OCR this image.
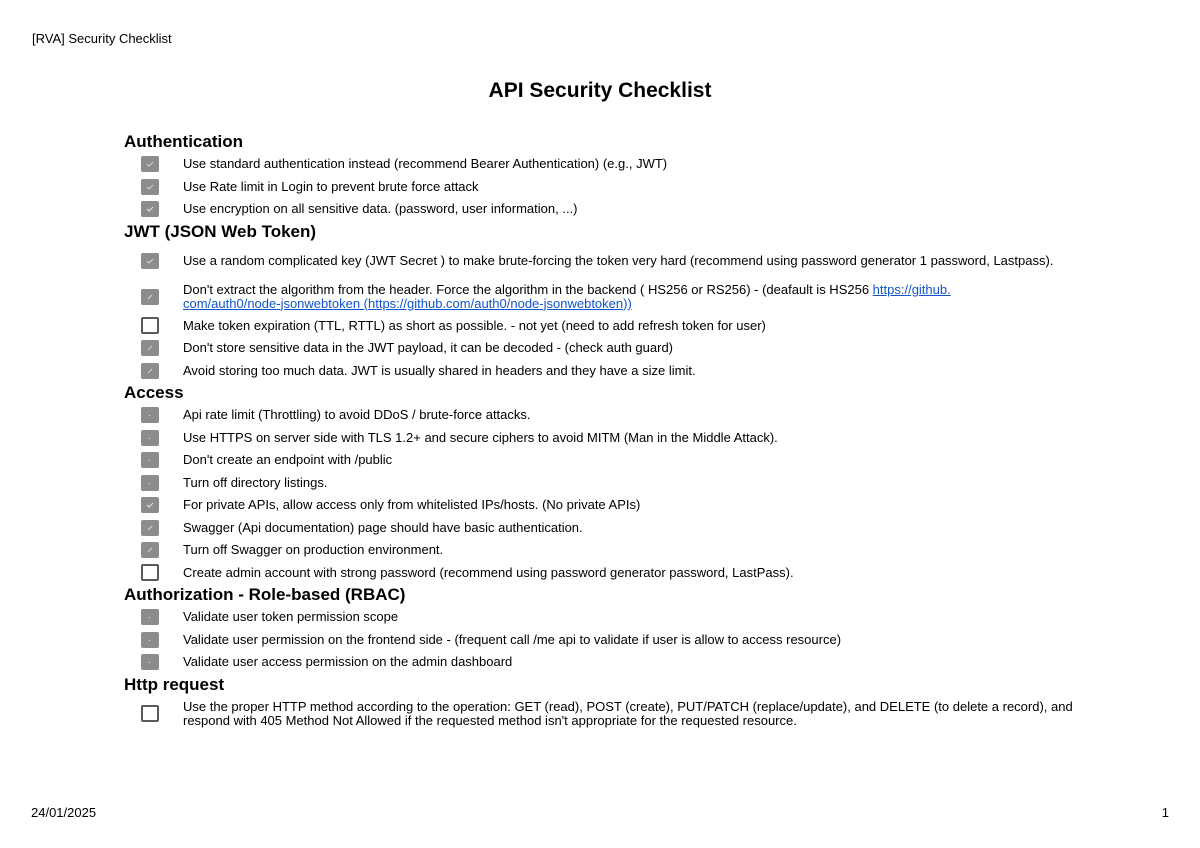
[RVA] Security Checklist
API Security Checklist
Authentication
Use standard authentication instead (recommend Bearer Authentication) (e.g., JWT)
Use Rate limit in Login to prevent brute force attack
Use encryption on all sensitive data. (password, user information, ...)
JWT (JSON Web Token)
Use a random complicated key (JWT Secret ) to make brute-forcing the token very hard (recommend using password generator 1 password, Lastpass).
Don't extract the algorithm from the header. Force the algorithm in the backend ( HS256 or RS256) - (deafault is HS256 https://github.
com/auth0/node-jsonwebtoken (https://github.com/auth0/node-jsonwebtoken))
Make token expiration (TTL, RTTL) as short as possible. - not yet (need to add refresh token for user)
Don't store sensitive data in the JWT payload, it can be decoded - (check auth guard)
Avoid storing too much data. JWT is usually shared in headers and they have a size limit.
Access
Api rate limit (Throttling) to avoid DDoS / brute-force attacks.
Use HTTPS on server side with TLS 1.2+ and secure ciphers to avoid MITM (Man in the Middle Attack).
Don't create an endpoint with /public
Turn off directory listings.
For private APIs, allow access only from whitelisted IPs/hosts. (No private APIs)
Swagger (Api documentation) page should have basic authentication.
Turn off Swagger on production environment.
Create admin account with strong password (recommend using password generator password, LastPass).
Authorization - Role-based (RBAC)
Validate user token permission scope
Validate user permission on the frontend side - (frequent call /me api to validate if user is allow to access resource)
Validate user access permission on the admin dashboard
Http request
Use the proper HTTP method according to the operation: GET (read), POST (create), PUT/PATCH (replace/update), and DELETE (to delete a record), and respond with 405 Method Not Allowed if the requested method isn't appropriate for the requested resource.
24/01/2025	1
